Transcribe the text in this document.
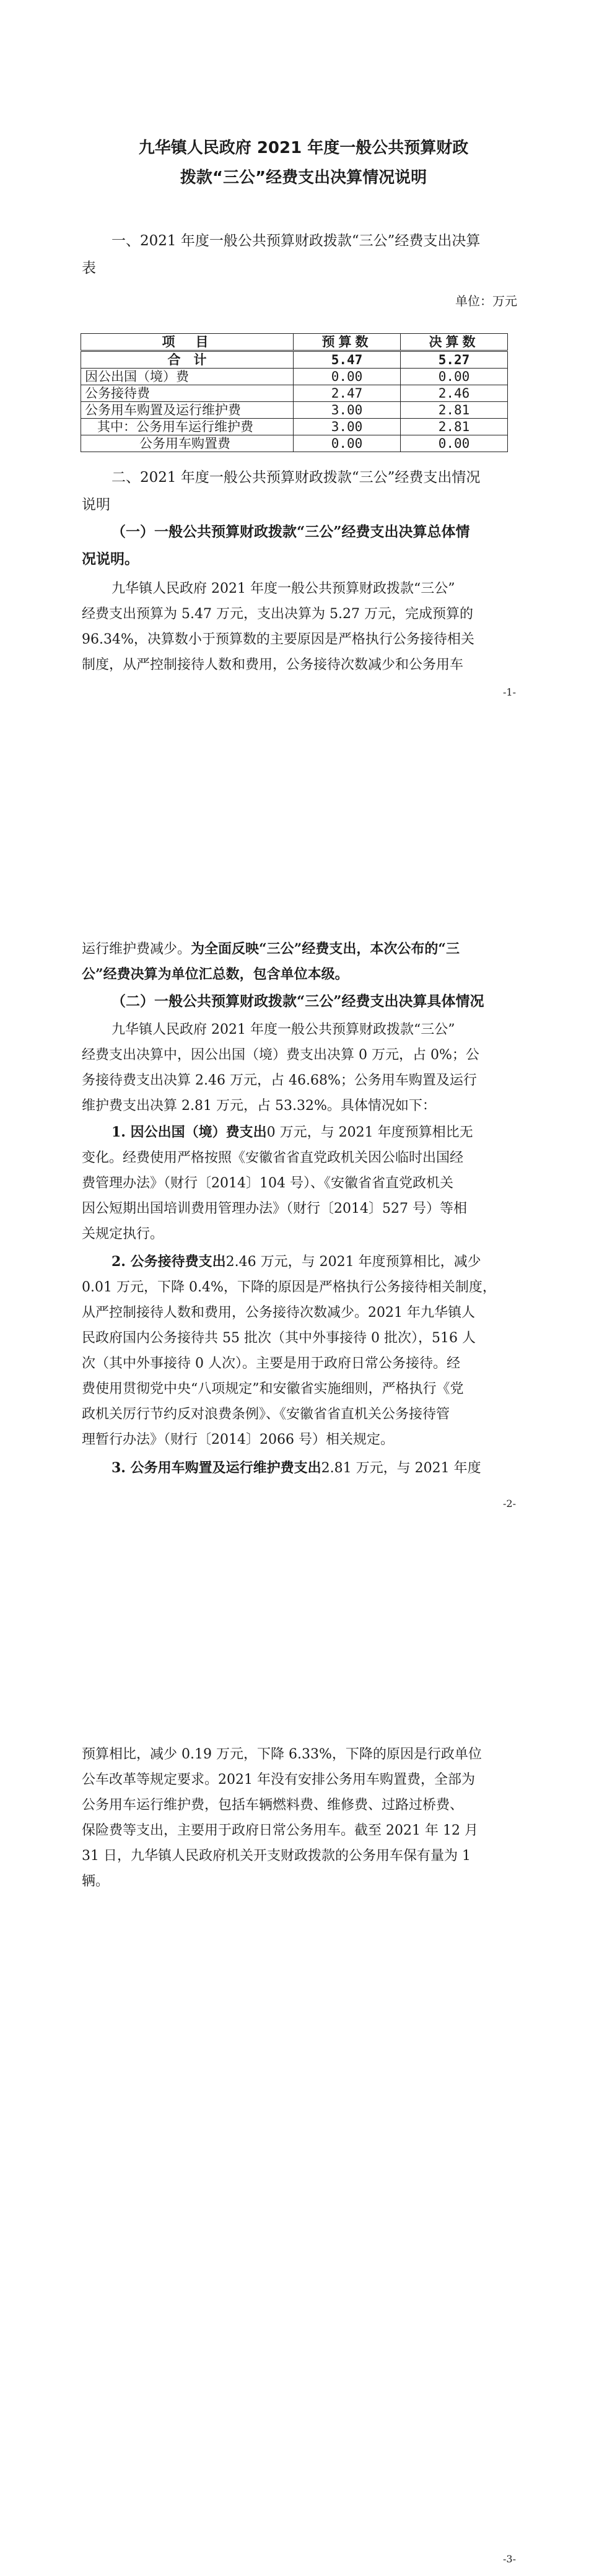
九华镇人民政府 2021 年度一般公共预算财政
拨款“三公”经费支出决算情况说明
一、2021 年度一般公共预算财政拨款“三公”经费支出决算
表
单位：万元
项　目	预算数	决算数
合　计	5.47	5.27
因公出国（境）费	0.00	0.00
公务接待费	2.47	2.46
公务用车购置及运行维护费	3.00	2.81
其中：公务用车运行维护费	3.00	2.81
公务用车购置费	0.00	0.00
二、2021 年度一般公共预算财政拨款“三公”经费支出情况
说明
（一）一般公共预算财政拨款“三公”经费支出决算总体情
况说明。
九华镇人民政府 2021 年度一般公共预算财政拨款“三公”
经费支出预算为 5.47 万元，支出决算为 5.27 万元，完成预算的
96.34%，决算数小于预算数的主要原因是严格执行公务接待相关
制度，从严控制接待人数和费用，公务接待次数减少和公务用车
-1-
运行维护费减少。为全面反映“三公”经费支出，本次公布的“三
公”经费决算为单位汇总数，包含单位本级。
（二）一般公共预算财政拨款“三公”经费支出决算具体情况
九华镇人民政府 2021 年度一般公共预算财政拨款“三公”
经费支出决算中，因公出国（境）费支出决算 0 万元，占 0%；公
务接待费支出决算 2.46 万元，占 46.68%；公务用车购置及运行
维护费支出决算 2.81 万元，占 53.32%。具体情况如下：
1. 因公出国（境）费支出0 万元，与 2021 年度预算相比无
变化。经费使用严格按照《安徽省省直党政机关因公临时出国经
费管理办法》（财行〔2014〕104 号）、《安徽省省直党政机关
因公短期出国培训费用管理办法》（财行〔2014〕527 号）等相
关规定执行。
2. 公务接待费支出2.46 万元，与 2021 年度预算相比，减少
0.01 万元，下降 0.4%，下降的原因是严格执行公务接待相关制度，
从严控制接待人数和费用，公务接待次数减少。2021 年九华镇人
民政府国内公务接待共 55 批次（其中外事接待 0 批次），516 人
次（其中外事接待 0 人次）。主要是用于政府日常公务接待。经
费使用贯彻党中央“八项规定”和安徽省实施细则，严格执行《党
政机关厉行节约反对浪费条例》、《安徽省省直机关公务接待管
理暂行办法》（财行〔2014〕2066 号）相关规定。
3. 公务用车购置及运行维护费支出2.81 万元，与 2021 年度
-2-
预算相比，减少 0.19 万元，下降 6.33%，下降的原因是行政单位
公车改革等规定要求。2021 年没有安排公务用车购置费，全部为
公务用车运行维护费，包括车辆燃料费、维修费、过路过桥费、
保险费等支出，主要用于政府日常公务用车。截至 2021 年 12 月
31 日，九华镇人民政府机关开支财政拨款的公务用车保有量为 1
辆。
-3-
